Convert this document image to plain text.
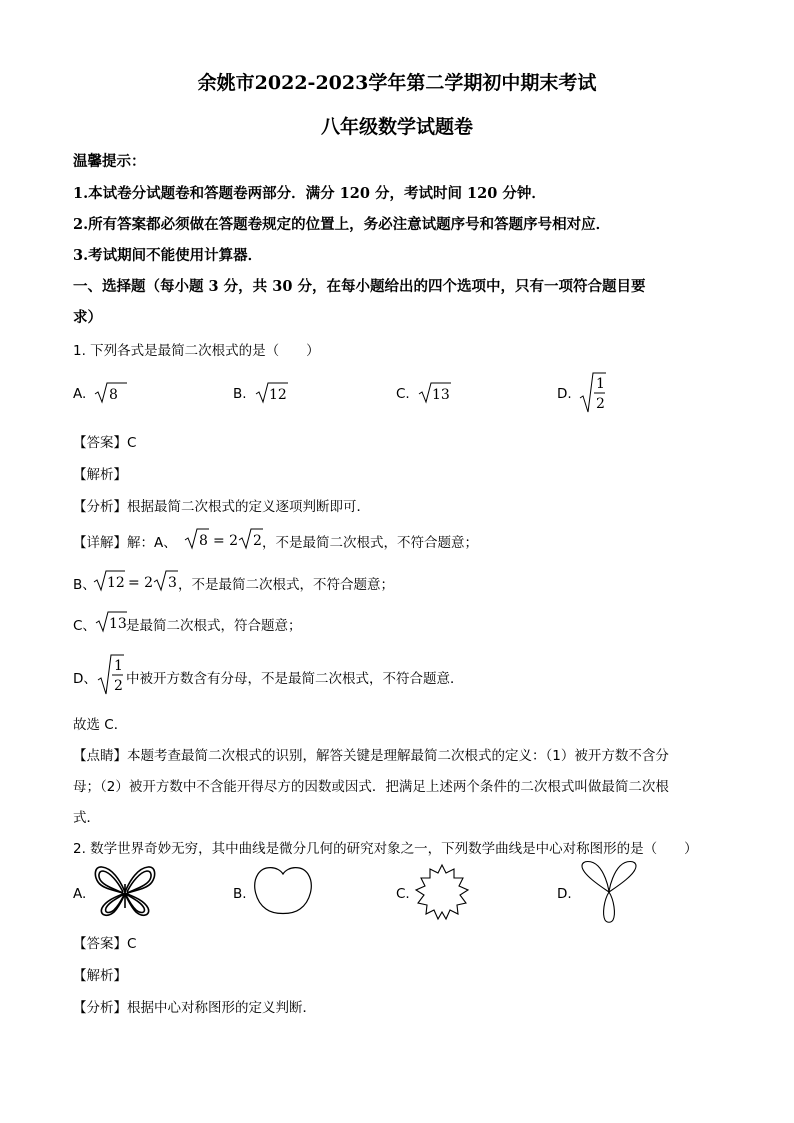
余姚市2022-2023学年第二学期初中期末考试
八年级数学试题卷
温馨提示：
1.本试卷分试题卷和答题卷两部分．满分 120 分，考试时间 120 分钟．
2.所有答案都必须做在答题卷规定的位置上，务必注意试题序号和答题序号相对应．
3.考试期间不能使用计算器．
一、选择题（每小题 3 分，共 30 分，在每小题给出的四个选项中，只有一项符合题目要
求）
1. 下列各式是最简二次根式的是（　　）
A. 8	B. 12	C. 13	D.
1
2
【答案】C
【解析】
【分析】根据最简二次根式的定义逐项判断即可．
【详解】解：A、 8 = 2 2 ，不是最简二次根式，不符合题意；
B、 12 = 2 3 ，不是最简二次根式，不符合题意；
C、 13 是最简二次根式，符合题意；
D、
1
2 中被开方数含有分母，不是最简二次根式，不符合题意．
故选 C．
【点睛】本题考查最简二次根式的识别，解答关键是理解最简二次根式的定义：（1）被开方数不含分
母；（2）被开方数中不含能开得尽方的因数或因式．把满足上述两个条件的二次根式叫做最简二次根
式．
2. 数学世界奇妙无穷，其中曲线是微分几何的研究对象之一，下列数学曲线是中心对称图形的是（　　）
A.	B.	C.	D.
【答案】C
【解析】
【分析】根据中心对称图形的定义判断．
